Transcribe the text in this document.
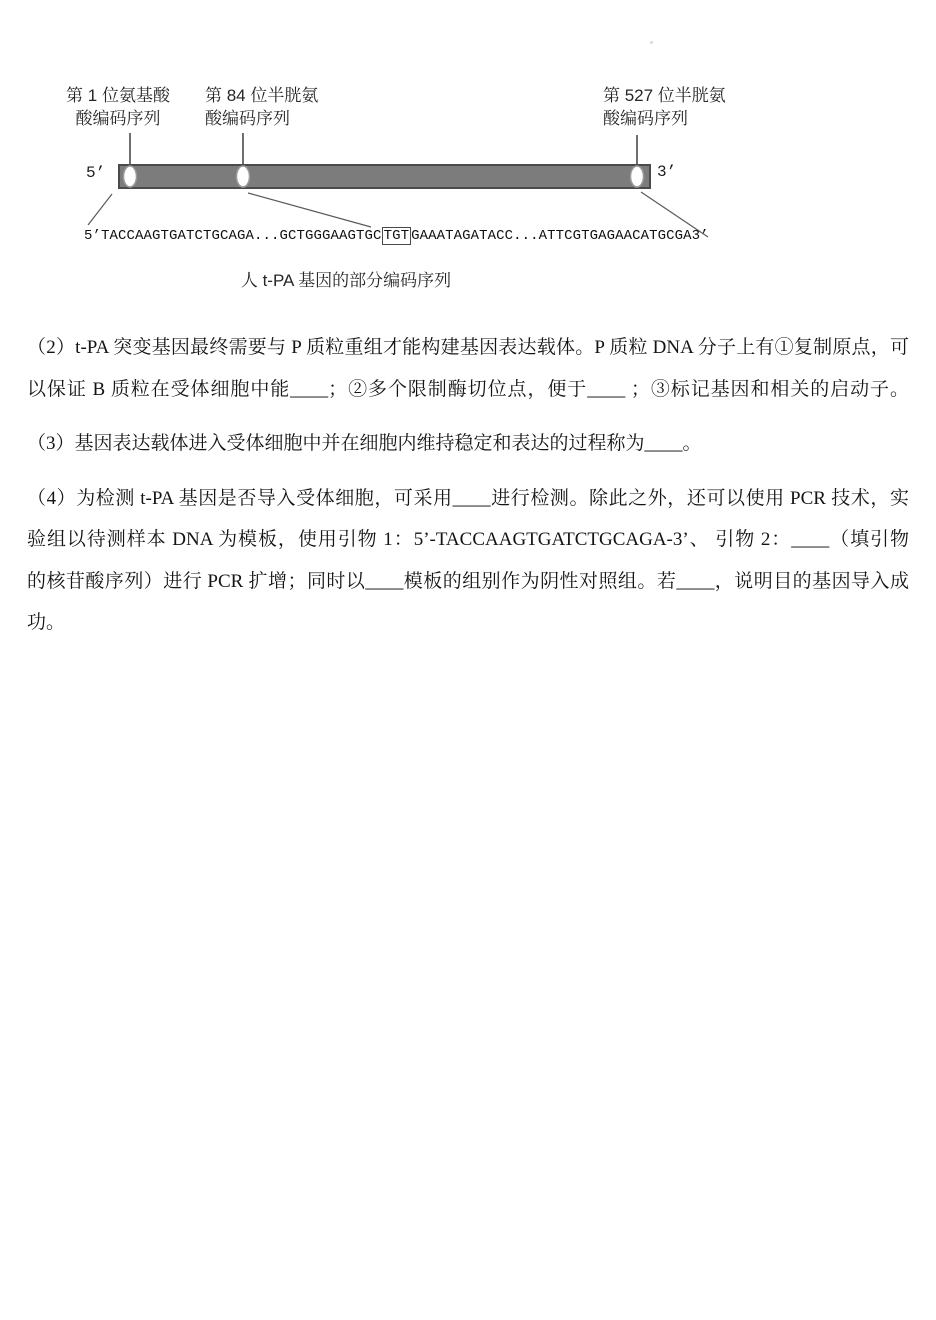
第 1 位氨基酸
酸编码序列
第 84 位半胱氨
酸编码序列
第 527 位半胱氨
酸编码序列
5’	3’
5’TACCAAGTGATCTGCAGA...GCTGGGAAGTGC TGT GAAATAGATACC...ATTCGTGAGAACATGCGA3’
人 t-PA 基因的部分编码序列

（2）t-PA 突变基因最终需要与 P 质粒重组才能构建基因表达载体。P 质粒 DNA 分子上有①复制原点，可
以保证 B 质粒在受体细胞中能____；②多个限制酶切位点，便于____ ；③标记基因和相关的启动子。

（3）基因表达载体进入受体细胞中并在细胞内维持稳定和表达的过程称为____。

（4）为检测 t-PA 基因是否导入受体细胞，可采用____进行检测。除此之外，还可以使用 PCR 技术，实
验组以待测样本 DNA 为模板，使用引物 1：5’-TACCAAGTGATCTGCAGA-3’、 引物 2：____（填引物
的核苷酸序列）进行 PCR 扩增；同时以____模板的组别作为阴性对照组。若____，说明目的基因导入成
功。
